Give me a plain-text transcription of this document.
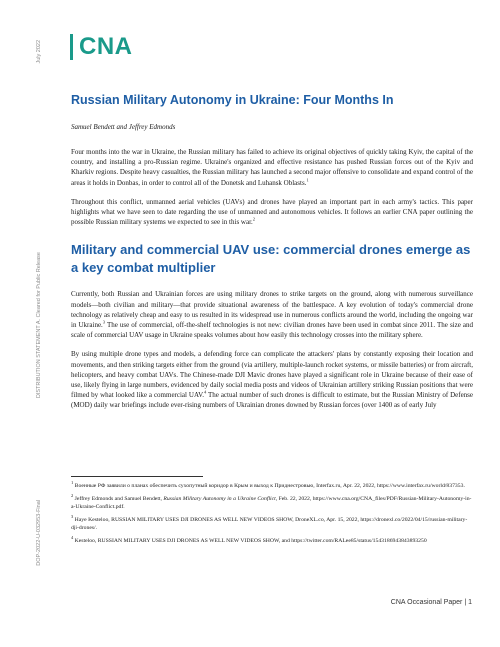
July 2022
DISTRIBUTION STATEMENT A. Cleared for Public Release
DOP-2022-U-032953-Final
CNA
Russian Military Autonomy in Ukraine: Four Months In
Samuel Bendett and Jeffrey Edmonds

Four months into the war in Ukraine, the Russian military has failed to achieve its original objectives of quickly taking Kyiv, the capital of the country, and installing a pro-Russian regime. Ukraine's organized and effective resistance has pushed Russian forces out of the Kyiv and Kharkiv regions. Despite heavy casualties, the Russian military has launched a second major offensive to consolidate and expand control of the areas it holds in Donbas, in order to control all of the Donetsk and Luhansk Oblasts.$^1$

Throughout this conflict, unmanned aerial vehicles (UAVs) and drones have played an important part in each army's tactics. This paper highlights what we have seen to date regarding the use of unmanned and autonomous vehicles. It follows an earlier CNA paper outlining the possible Russian military systems we expected to see in this war.$^2$

Military and commercial UAV use: commercial drones emerge as a key combat multiplier

Currently, both Russian and Ukrainian forces are using military drones to strike targets on the ground, along with numerous surveillance models—both civilian and military—that provide situational awareness of the battlespace. A key evolution of today's commercial drone technology as relatively cheap and easy to us resulted in its widespread use in numerous conflicts around the world, including the ongoing war in Ukraine.$^3$ The use of commercial, off-the-shelf technologies is not new: civilian drones have been used in combat since 2011. The size and scale of commercial UAV usage in Ukraine speaks volumes about how easily this technology crosses into the military sphere.

By using multiple drone types and models, a defending force can complicate the attackers' plans by constantly exposing their location and movements, and then striking targets either from the ground (via artillery, multiple-launch rocket systems, or missile batteries) or from aircraft, helicopters, and heavy combat UAVs. The Chinese-made DJI Mavic drones have played a significant role in Ukraine because of their ease of use, likely flying in large numbers, evidenced by daily social media posts and videos of Ukrainian artillery striking Russian positions that were filmed by what looked like a commercial UAV.$^4$ The actual number of such drones is difficult to estimate, but the Russian Ministry of Defense (MOD) daily war briefings include ever-rising numbers of Ukrainian drones downed by Russian forces (over 1400 as of early July

$^1$ Военные РФ заявили о планах обеспечить сухопутный коридор в Крым и выход к Приднестровью, Interfax.ru, Apr. 22, 2022, https://www.interfax.ru/world/837353.

$^2$ Jeffrey Edmonds and Samuel Bendett, Russian Military Autonomy in a Ukraine Conflict, Feb. 22, 2022, https://www.cna.org/CNA_files/PDF/Russian-Military-Autonomy-in-a-Ukraine-Conflict.pdf.

$^3$ Haye Kesteloo, RUSSIAN MILITARY USES DJI DRONES AS WELL NEW VIDEOS SHOW, DroneXL.co, Apr. 15, 2022, https://dronexl.co/2022/04/15/russian-military-dji-drones/.

$^4$ Kesteloo, RUSSIAN MILITARY USES DJI DRONES AS WELL NEW VIDEOS SHOW, and https://twitter.com/RALee85/status/1543186943843893250

CNA Occasional Paper | 1
